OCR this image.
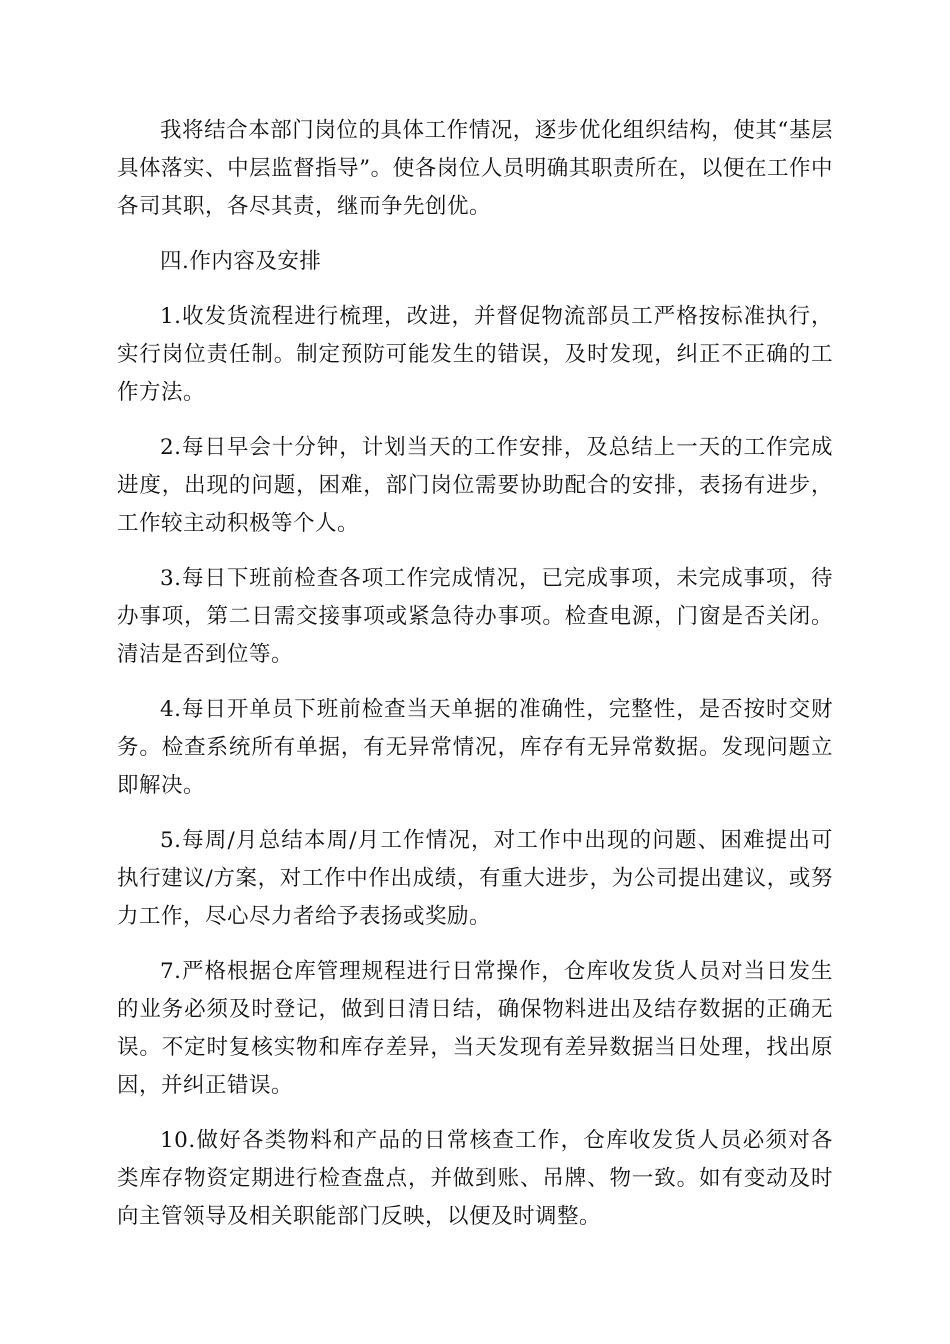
我将结合本部门岗位的具体工作情况，逐步优化组织结构，使其“基层具体落实、中层监督指导”。使各岗位人员明确其职责所在，以便在工作中各司其职，各尽其责，继而争先创优。

四.作内容及安排

1.收发货流程进行梳理，改进，并督促物流部员工严格按标准执行，实行岗位责任制。制定预防可能发生的错误，及时发现，纠正不正确的工作方法。

2.每日早会十分钟，计划当天的工作安排，及总结上一天的工作完成进度，出现的问题，困难，部门岗位需要协助配合的安排，表扬有进步，工作较主动积极等个人。

3.每日下班前检查各项工作完成情况，已完成事项，未完成事项，待办事项，第二日需交接事项或紧急待办事项。检查电源，门窗是否关闭。清洁是否到位等。

4.每日开单员下班前检查当天单据的准确性，完整性，是否按时交财务。检查系统所有单据，有无异常情况，库存有无异常数据。发现问题立即解决。

5.每周/月总结本周/月工作情况，对工作中出现的问题、困难提出可执行建议/方案，对工作中作出成绩，有重大进步，为公司提出建议，或努力工作，尽心尽力者给予表扬或奖励。

7.严格根据仓库管理规程进行日常操作，仓库收发货人员对当日发生的业务必须及时登记，做到日清日结，确保物料进出及结存数据的正确无误。不定时复核实物和库存差异，当天发现有差异数据当日处理，找出原因，并纠正错误。

10.做好各类物料和产品的日常核查工作，仓库收发货人员必须对各类库存物资定期进行检查盘点，并做到账、吊牌、物一致。如有变动及时向主管领导及相关职能部门反映，以便及时调整。
